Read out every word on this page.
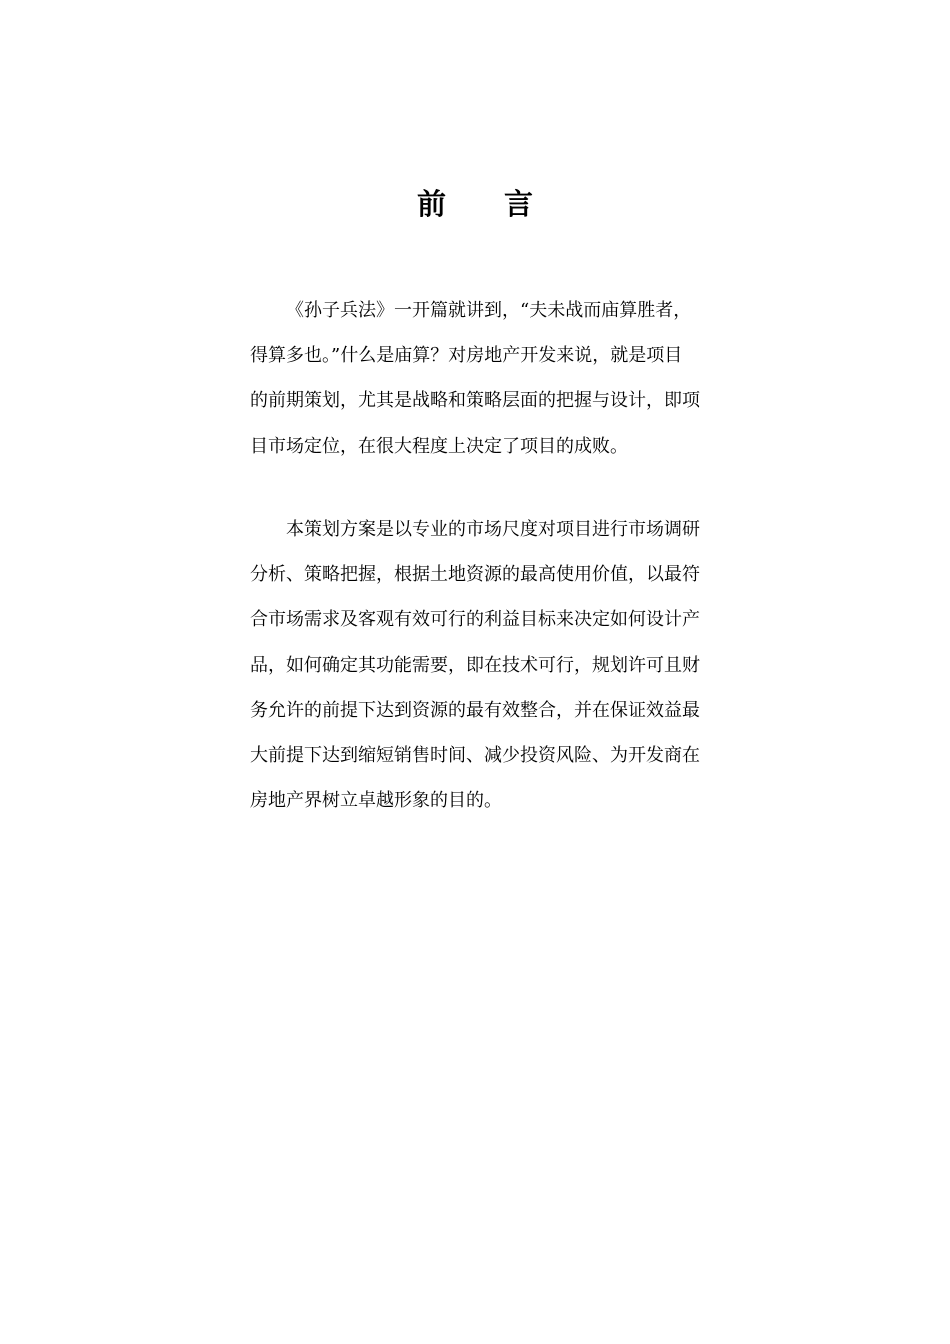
前 言

《孙子兵法》一开篇就讲到，“夫未战而庙算胜者，
得算多也。”什么是庙算？对房地产开发来说，就是项目
的前期策划，尤其是战略和策略层面的把握与设计，即项
目市场定位，在很大程度上决定了项目的成败。

本策划方案是以专业的市场尺度对项目进行市场调研
分析、策略把握，根据土地资源的最高使用价值，以最符
合市场需求及客观有效可行的利益目标来决定如何设计产
品，如何确定其功能需要，即在技术可行，规划许可且财
务允许的前提下达到资源的最有效整合，并在保证效益最
大前提下达到缩短销售时间、减少投资风险、为开发商在
房地产界树立卓越形象的目的。
